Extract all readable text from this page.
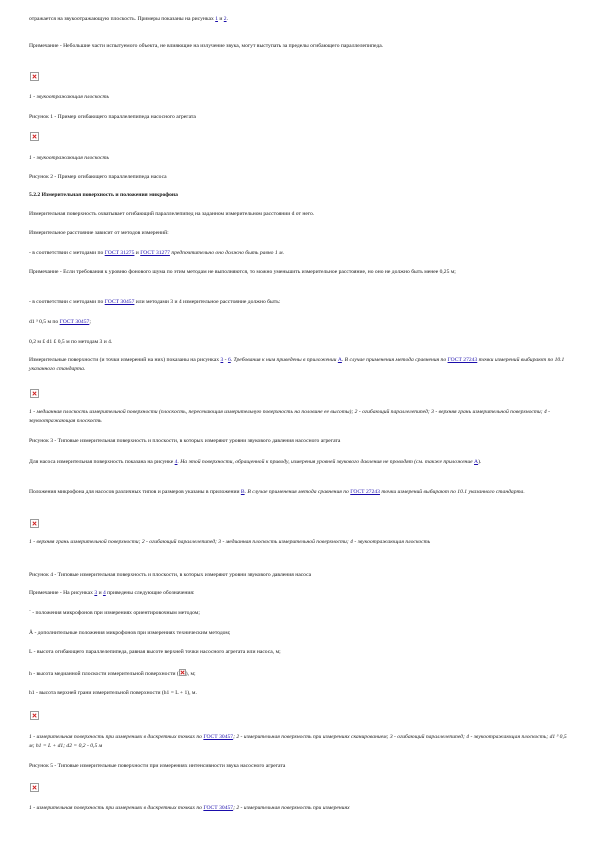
отражается на звукоотражающую плоскость. Примеры показаны на рисунках 1 и 2.

Примечание - Небольшие части испытуемого объекта, не влияющие на излучение звука, могут выступать за пределы огибающего параллелепипеда.

1 - звукоотражающая плоскость

Рисунок 1 - Пример огибающего параллелепипеда насосного агрегата

1 - звукоотражающая плоскость

Рисунок 2 - Пример огибающего параллелепипеда насоса

5.2.2 Измерительная поверхность и положения микрофона

Измерительная поверхность охватывает огибающий параллелепипед на заданном измерительном расстоянии d от него.

Измерительное расстояние зависит от методов измерений:

- в соответствии с методами по ГОСТ 31275 и ГОСТ 31277 предпочтительно оно должно быть равно 1 м.

Примечание - Если требования к уровню фонового шума по этим методам не выполняются, то можно уменьшить измерительное расстояние, но оно не должно быть менее 0,25 м;

- в соответствии с методами по ГОСТ 30457 или методами 3 и 4 измерительное расстояние должно быть:

d1 ³ 0,5 м по ГОСТ 30457;

0,2 м £ d1 £ 0,5 м по методам 3 и 4.

Измерительные поверхности (и точки измерений на них) показаны на рисунках 3 - 6. Требования к ним приведены в приложении А. В случае применения метода сравнения по ГОСТ 27243 точки измерений выбирают по 10.1 указанного стандарта.

1 - медианная плоскость измерительной поверхности (плоскость, пересекающая измерительную поверхность на половине ее высоты); 2 - огибающий параллелепипед; 3 - верхняя грань измерительной поверхности; 4 - звукоотражающая плоскость

Рисунок 3 - Типовые измерительная поверхность и плоскости, в которых измеряют уровни звукового давления насосного агрегата

Для насоса измерительная поверхность показана на рисунке 4. На этой поверхности, обращенной к приводу, измерения уровней звукового давления не проводят (см. также приложение А).

Положения микрофона для насосов различных типов и размеров указаны в приложении В. В случае применения метода сравнения по ГОСТ 27243 точки измерений выбирают по 10.1 указанного стандарта.

1 - верхняя грань измерительной поверхности; 2 - огибающий параллелепипед; 3 - медианная плоскость измерительной поверхности; 4 - звукоотражающая плоскость

Рисунок 4 - Типовые измерительная поверхность и плоскости, в которых измеряют уровни звукового давления насоса

Примечание - На рисунках 3 и 4 приведены следующие обозначения:

´ - положения микрофонов при измерениях ориентировочным методом;

Å - дополнительные положения микрофонов при измерениях техническим методом;

L - высота огибающего параллелепипеда, равная высоте верхней точки насосного агрегата или насоса, м;

h - высота медианной плоскости измерительной поверхности ( ), м;

h1 - высота верхней грани измерительной поверхности (h1 = L + 1), м.

1 - измерительная поверхность при измерениях в дискретных точках по ГОСТ 30457; 2 - измерительная поверхность при измерениях сканированием; 3 - огибающий параллелепипед; 4 - звукоотражающая плоскость; d1 ³ 0,5 м; h1 = L + d1; d2 = 0,2 - 0,5 м

Рисунок 5 - Типовые измерительные поверхности при измерениях интенсивности звука насосного агрегата

1 - измерительная поверхность при измерениях в дискретных точках по ГОСТ 30457; 2 - измерительная поверхность при измерениях
